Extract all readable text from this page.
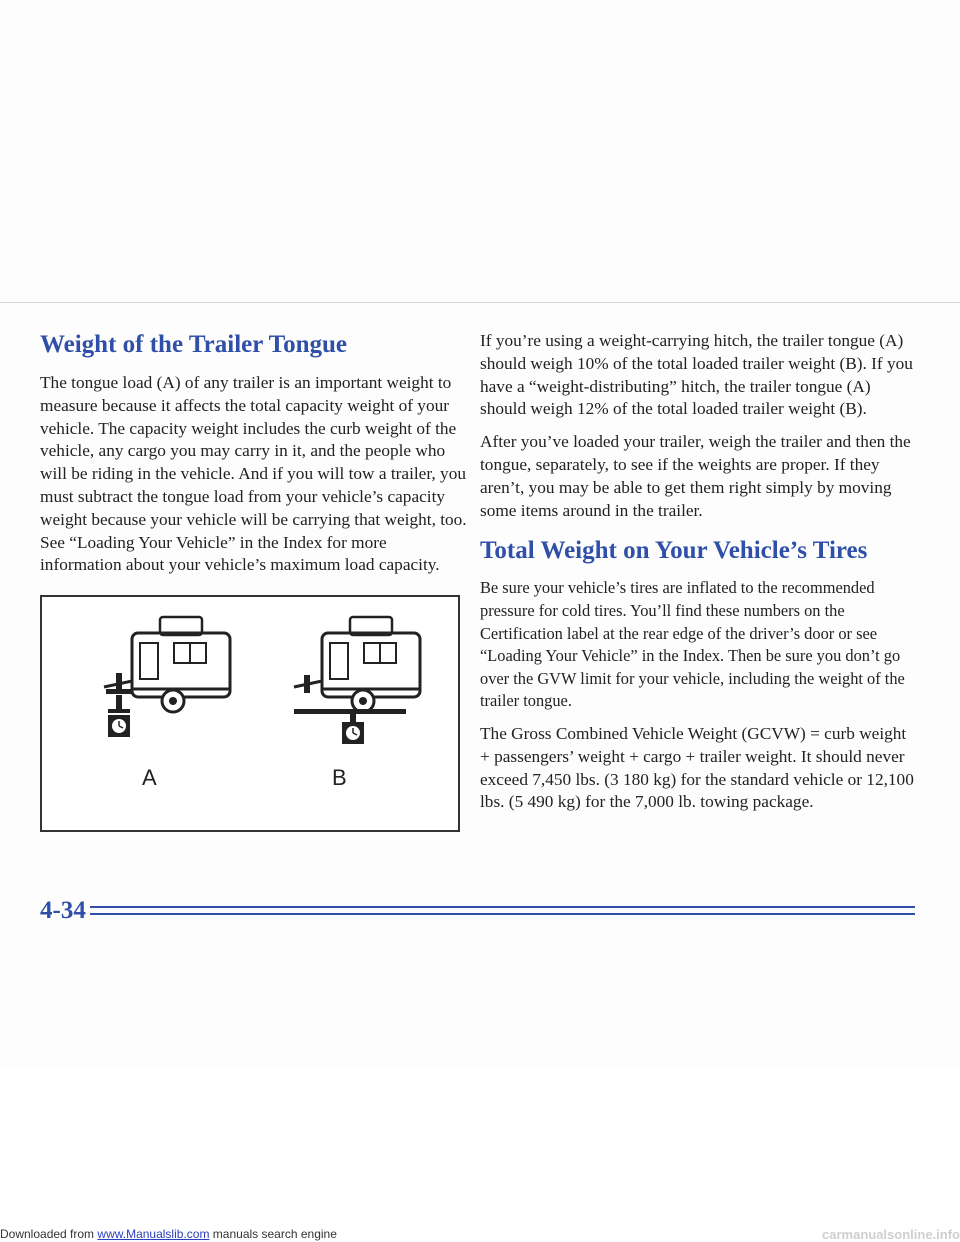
Weight of the Trailer Tongue

The tongue load (A) of any trailer is an important weight to measure because it affects the total capacity weight of your vehicle. The capacity weight includes the curb weight of the vehicle, any cargo you may carry in it, and the people who will be riding in the vehicle. And if you will tow a trailer, you must subtract the tongue load from your vehicle’s capacity weight because your vehicle will be carrying that weight, too. See “Loading Your Vehicle” in the Index for more information about your vehicle’s maximum load capacity.

A	B

If you’re using a weight-carrying hitch, the trailer tongue (A) should weigh 10% of the total loaded trailer weight (B). If you have a “weight-distributing” hitch, the trailer tongue (A) should weigh 12% of the total loaded trailer weight (B).

After you’ve loaded your trailer, weigh the trailer and then the tongue, separately, to see if the weights are proper. If they aren’t, you may be able to get them right simply by moving some items around in the trailer.

Total Weight on Your Vehicle’s Tires

Be sure your vehicle’s tires are inflated to the recommended pressure for cold tires. You’ll find these numbers on the Certification label at the rear edge of the driver’s door or see “Loading Your Vehicle” in the Index. Then be sure you don’t go over the GVW limit for your vehicle, including the weight of the trailer tongue.

The Gross Combined Vehicle Weight (GCVW) = curb weight + passengers’ weight + cargo + trailer weight. It should never exceed 7,450 lbs. (3 180 kg) for the standard vehicle or 12,100 lbs. (5 490 kg) for the 7,000 lb. towing package.

4-34
Downloaded from www.Manualslib.com manuals search engine	carmanualsonline.info
